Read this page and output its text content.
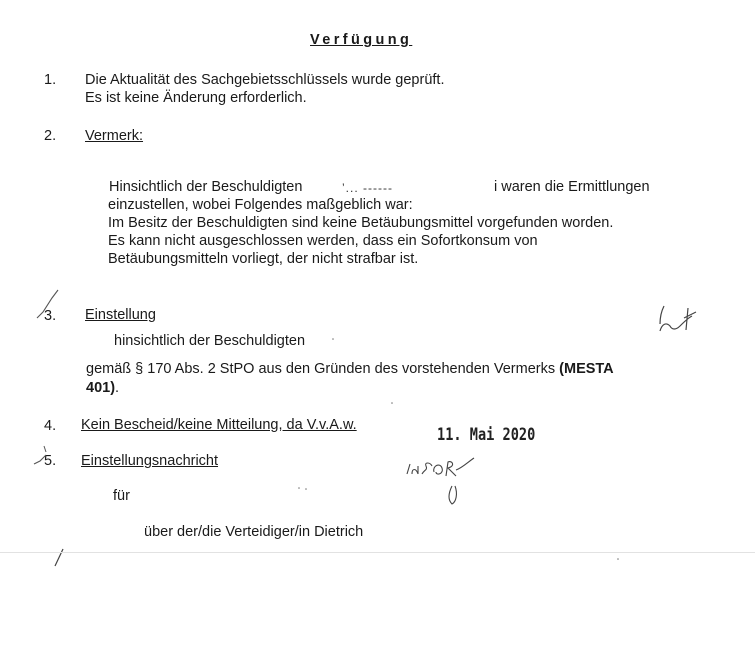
Verfügung
1. Die Aktualität des Sachgebietsschlüssels wurde geprüft.
Es ist keine Änderung erforderlich.
2. Vermerk:
Hinsichtlich der Beschuldigten	’... ------	i waren die Ermittlungen
einzustellen, wobei Folgendes maßgeblich war:
Im Besitz der Beschuldigten sind keine Betäubungsmittel vorgefunden worden.
Es kann nicht ausgeschlossen werden, dass ein Sofortkonsum von
Betäubungsmitteln vorliegt, der nicht strafbar ist.
3. Einstellung
hinsichtlich der Beschuldigten
gemäß § 170 Abs. 2 StPO aus den Gründen des vorstehenden Vermerks (MESTA
401).
4. Kein Bescheid/keine Mitteilung, da V.v.A.w.	11. Mai 2020
5. Einstellungsnachricht
für
über der/die Verteidiger/in Dietrich
